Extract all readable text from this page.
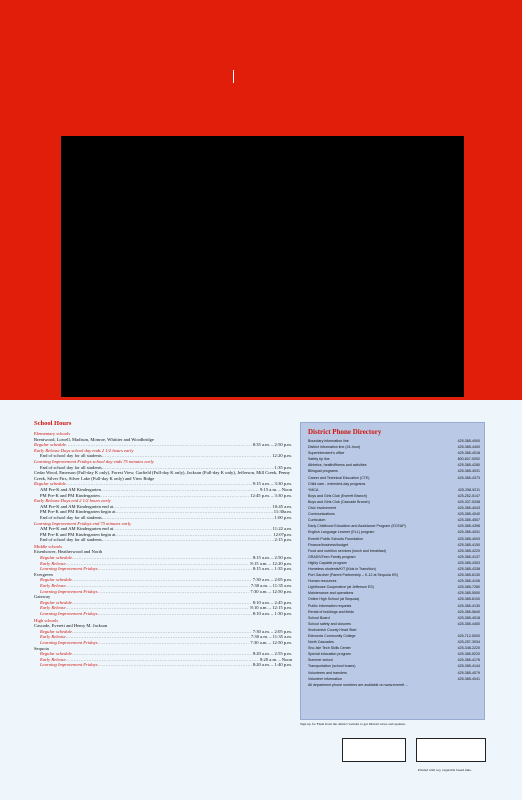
School Hours
Elementary schools
Brentwood, Lowell, Madison, Monroe, Whittier and Woodbridge
Regular schedule .....	8:35 a.m. – 2:50 p.m.
Early Release Days school day ends 2 1/2 hours early
End of school day for all students .....	12:20 p.m.
Learning Improvement Fridays school day ends 75 minutes early
End of school day for all students .....	1:35 p.m.
Cedar Wood, Emerson (Full-day K only), Forest View, Garfield (Full-day K only), Jackson (Full-day K only), Jefferson, Mill Creek, Penny Creek, Silver Firs, Silver Lake (Full-day K only) and View Ridge
Regular schedule .....	9:15 a.m. – 3:30 p.m.
AM Pre-K and AM Kindergarten .....	9:15 a.m. – Noon
PM Pre-K and PM Kindergarten .....	12:45 p.m. – 3:30 p.m.
Early Release Days end 2 1/2 hours early
AM Pre-K and AM Kindergarten end at .....	10:45 a.m.
PM Pre-K and PM Kindergarten begin at .....	11:30a.m.
End of school day for all students .....	1:00 p.m.
Learning Improvement Fridays end 75 minutes early
AM Pre-K and AM Kindergarten end at .....	11:22 a.m.
PM Pre-K and PM Kindergarten begin at .....	12:07p.m.
End of school day for all students .....	2:15 p.m.
Middle schools
Eisenhower, Heatherwood and North
Regular schedule .....	8:15 a.m. – 2:50 p.m.
Early Release .....	8:15 a.m. – 12:20 p.m.
Learning Improvement Fridays .....	8:15 a.m. – 1:35 p.m.
Evergreen
Regular schedule .....	7:30 a.m. – 2:05 p.m.
Early Release .....	7:30 a.m. – 11:35 a.m.
Learning Improvement Fridays .....	7:30 a.m. – 12:50 p.m.
Gateway
Regular schedule .....	8:10 a.m. – 2:45 p.m.
Early Release .....	8:10 a.m. – 12:15 p.m.
Learning Improvement Fridays .....	8:10 a.m. – 1:30 p.m.
High schools
Cascade, Everett and Henry M. Jackson
Regular schedule .....	7:30 a.m. – 2:05 p.m.
Early Release .....	7:30 a.m. – 11:35 a.m.
Learning Improvement Fridays .....	7:30 a.m. – 12:50 p.m.
Sequoia
Regular schedule .....	8:20 a.m. – 2:55 p.m.
Early Release .....	8:20 a.m. – Noon
Learning Improvement Fridays .....	8:20 a.m. – 1:40 p.m.
District Phone Directory
Boundary information line	425-385-4000
District information line (24-hour)	425-385-4400
Superintendent's office	425-385-4018
Safety tip line	800-607-0092
Athletics, health/fitness and activities	425-385-4280
Bilingual programs	425-385-4031
Career and Technical Education (CTE)	425-385-4373
Child care - extended-day programs
YMCA	425-258-9211
Boys and Girls Club (Everett Branch)	425-252-5147
Boys and Girls Club (Cascade Branch)	425-337-5338
Civic involvement	425-385-4043
Communications	425-385-4040
Curriculum	425-385-4507
Early Childhood Education and Assistance Program (ECEAP)	425-385-4398
English Language Learner (ELL) program	425-385-4031
Everett Public Schools Foundation	425-385-4093
Finance/business/budget	425-385-4150
Food and nutrition services (lunch and breakfast)	425-385-4220
GRADS/Teen Family program	425-385-4137
Highly Capable program	425-385-4303
Homeless students/KIT (Kids in Transition)	425-385-4338
Port Gardner (Parent Partnership – K-12 at Sequoia HS)	425-385-6130
Human resources	425-385-4106
Lighthouse Cooperative (at Jefferson ES)	425-385-7280
Maintenance and operations	425-385-5500
Online High School (at Sequoia)	425-385-6100
Public information requests	425-385-4130
Rental of buildings and fields	425-385-5640
School Board	425-385-4018
School safety and closures	425-385-4400
Snohomish County Head Start
Edmonds Community College	425-712-5000
North Cascades	425-257-3934
Sno-Isle Tech Skills Center	425-348-2220
Special education program	425-385-5220
Summer school	425-385-4176
Transportation (school buses)	425-385-4144
Volunteers and transfers	425-385-4079
Volunteer information	425-385-4041
All department phone numbers are available on www.everett ...
Sign up for Flash from the district website to get District news and updates.
Printed with soy vegetable based inks.
